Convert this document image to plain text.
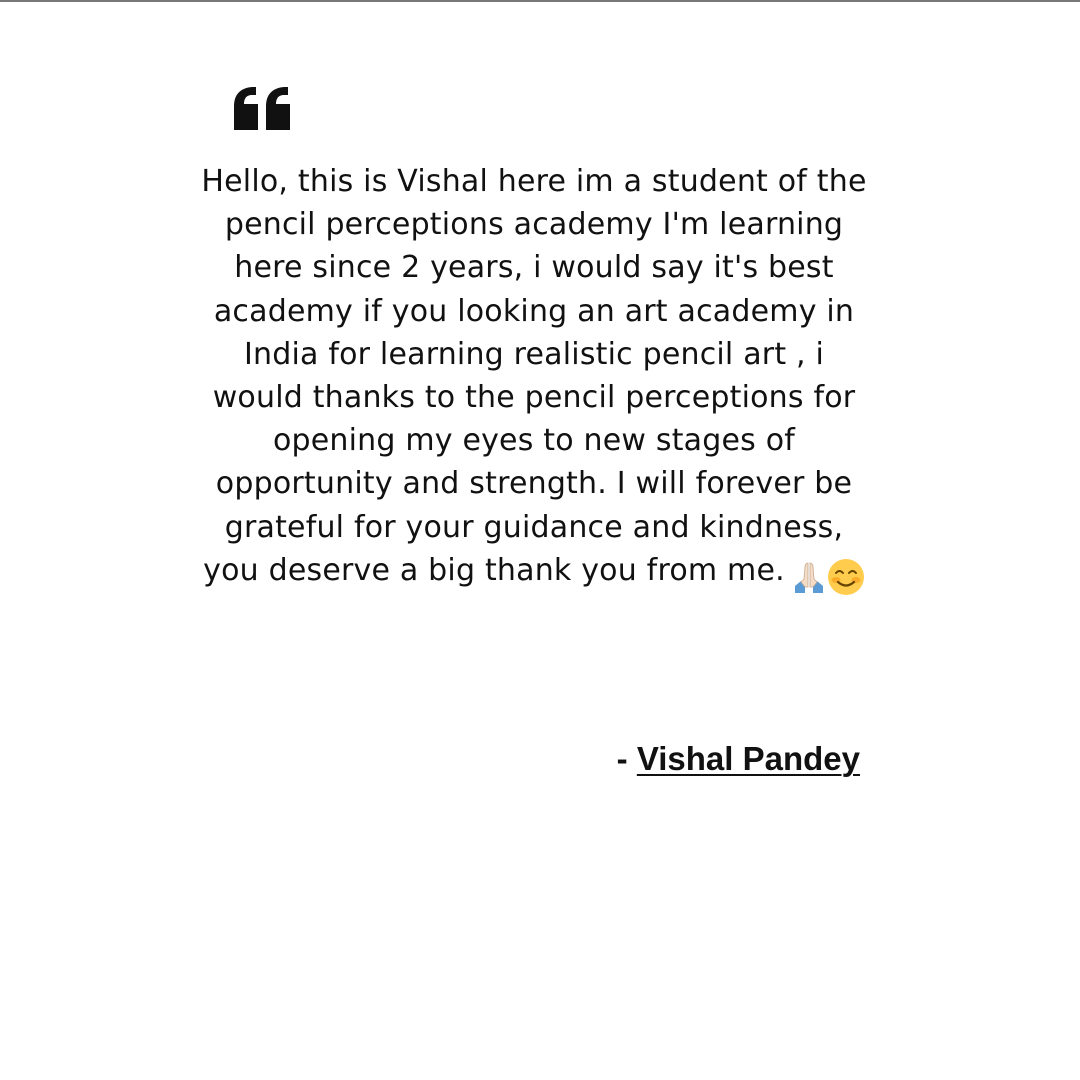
Hello, this is Vishal here im a student of the pencil perceptions academy I'm learning here since 2 years, i would say it's best academy if you looking an art academy in India for learning realistic pencil art , i would thanks to the pencil perceptions for opening my eyes to new stages of opportunity and strength. I will forever be grateful for your guidance and kindness, you deserve a big thank you from me.

- Vishal Pandey
